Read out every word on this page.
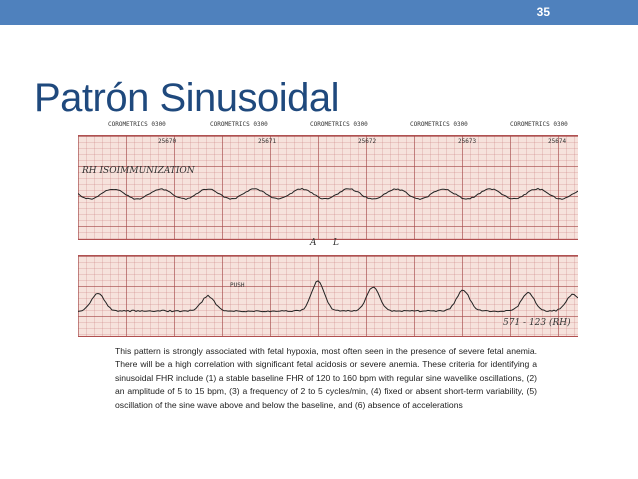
35
Patrón Sinusoidal
COROMETRICS 0300	COROMETRICS 0300	COROMETRICS 0300	COROMETRICS 0300	COROMETRICS 0300
25670	25671	25672	25673	25674
RH ISOIMMUNIZATION
A L
PUSH
571 - 123 (RH)
This pattern is strongly associated with fetal hypoxia, most often seen in the presence of severe fetal anemia. There will be a high correlation with significant fetal acidosis or severe anemia. These criteria for identifying a sinusoidal FHR include (1) a stable baseline FHR of 120 to 160 bpm with regular sine wavelike oscillations, (2) an amplitude of 5 to 15 bpm, (3) a frequency of 2 to 5 cycles/min, (4) fixed or absent short-term variability, (5) oscillation of the sine wave above and below the baseline, and (6) absence of accelerations
